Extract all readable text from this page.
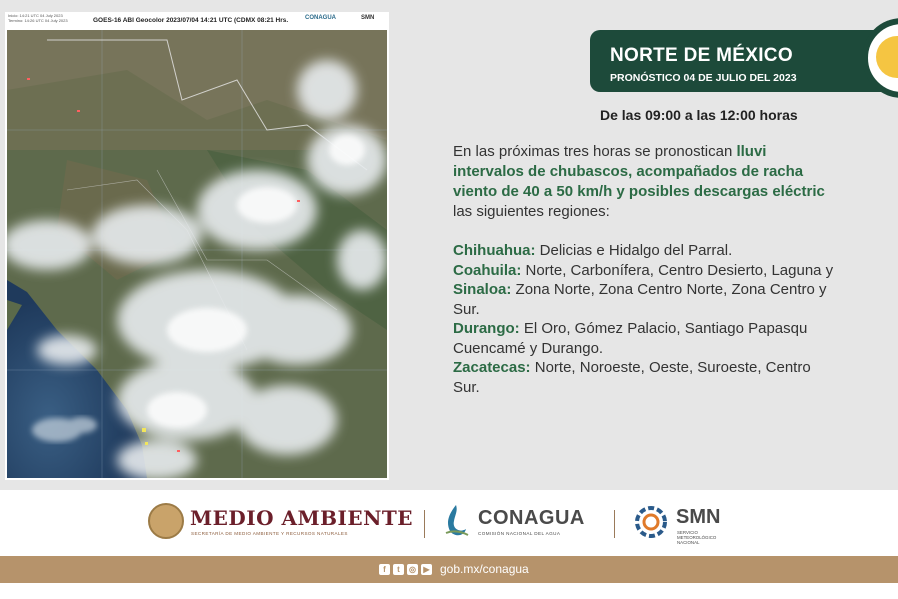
Inicio: 14:21 UTC 04 July 2023
Termino: 14:26 UTC 04 July 2023	GOES-16 ABI Geocolor 2023/07/04 14:21 UTC (CDMX 08:21 Hrs.	CONAGUA	SMN
NORTE DE MÉXICO
PRONÓSTICO 04 DE JULIO DEL 2023
De las 09:00 a las 12:00 horas

En las próximas tres horas se pronostican lluvi

intervalos de chubascos, acompañados de racha

viento de 40 a 50 km/h y posibles descargas eléctric

las siguientes regiones:

Chihuahua: Delicias e Hidalgo del Parral.
Coahuila: Norte, Carbonífera, Centro Desierto, Laguna y
Sinaloa: Zona Norte, Zona Centro Norte, Zona Centro y
Sur.
Durango: El Oro, Gómez Palacio, Santiago Papasqu
Cuencamé y Durango.
Zacatecas: Norte, Noroeste, Oeste, Suroeste, Centro
Sur.
MEDIO AMBIENTE
SECRETARÍA DE MEDIO AMBIENTE Y RECURSOS NATURALES
CONAGUA
COMISIÓN NACIONAL DEL AGUA
SMN
SERVICIO METEOROLÓGICO NACIONAL
f	t	◎ ▶ gob.mx/conagua
